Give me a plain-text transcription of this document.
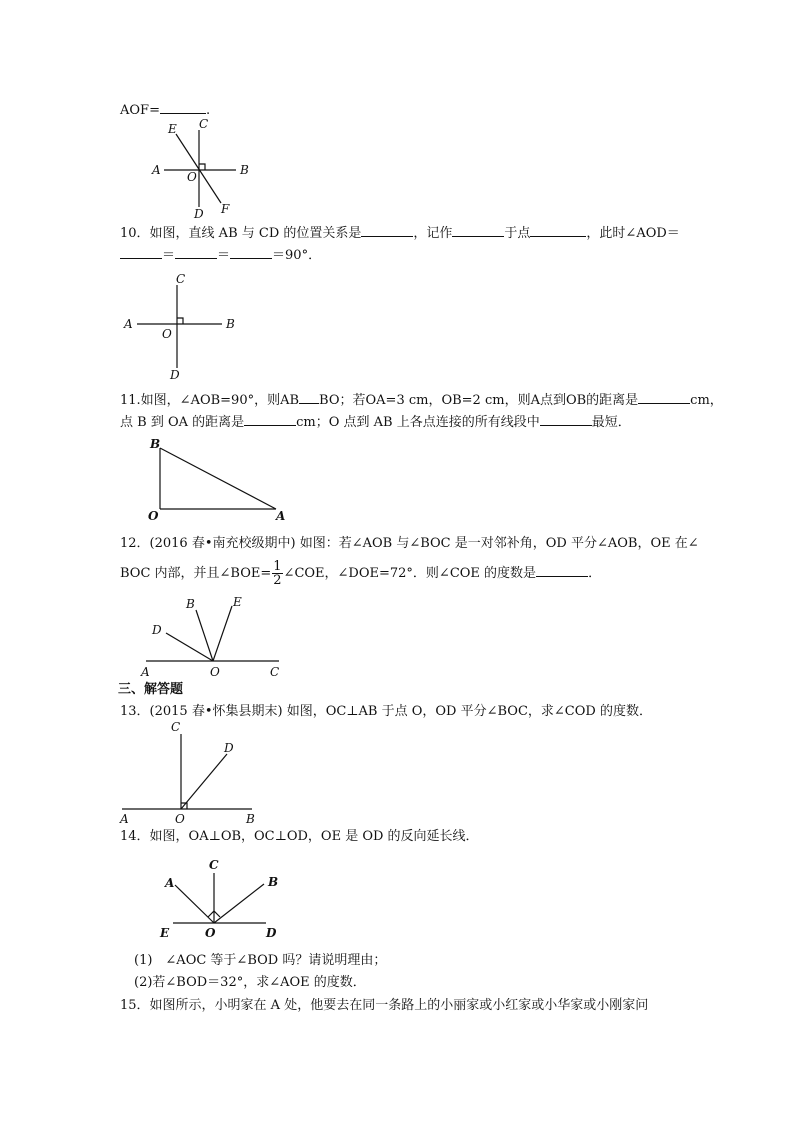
AOF=	.
10．如图，直线 AB 与 CD 的位置关系是	，记作	于点	，此时∠AOD＝
＝	＝	＝90°．
11.如图，∠AOB=90°，则AB BO；若OA=3 cm，OB=2 cm，则A点到OB的距离是	cm，
点 B 到 OA 的距离是	cm；O 点到 AB 上各点连接的所有线段中	最短．
12．(2016 春•南充校级期中) 如图：若∠AOB 与∠BOC 是一对邻补角，OD 平分∠AOB，OE 在∠
BOC 内部，并且∠BOE= $\frac{1}{2}$ ∠COE，∠DOE=72°．则∠COE 的度数是	．
三、解答题
13．(2015 春•怀集县期末) 如图，OC⊥AB 于点 O，OD 平分∠BOC，求∠COD 的度数．
14．如图，OA⊥OB，OC⊥OD，OE 是 OD 的反向延长线．
(1)　∠AOC 等于∠BOD 吗？请说明理由；
(2)若∠BOD＝32°，求∠AOE 的度数．
15．如图所示，小明家在 A 处，他要去在同一条路上的小丽家或小红家或小华家或小刚家问
E C
A	B
O
D F
C
A	B
O
D
B
O	A
B	E
D
A	O	C
C
D
A	O	B
C
A	B
E	O	D
